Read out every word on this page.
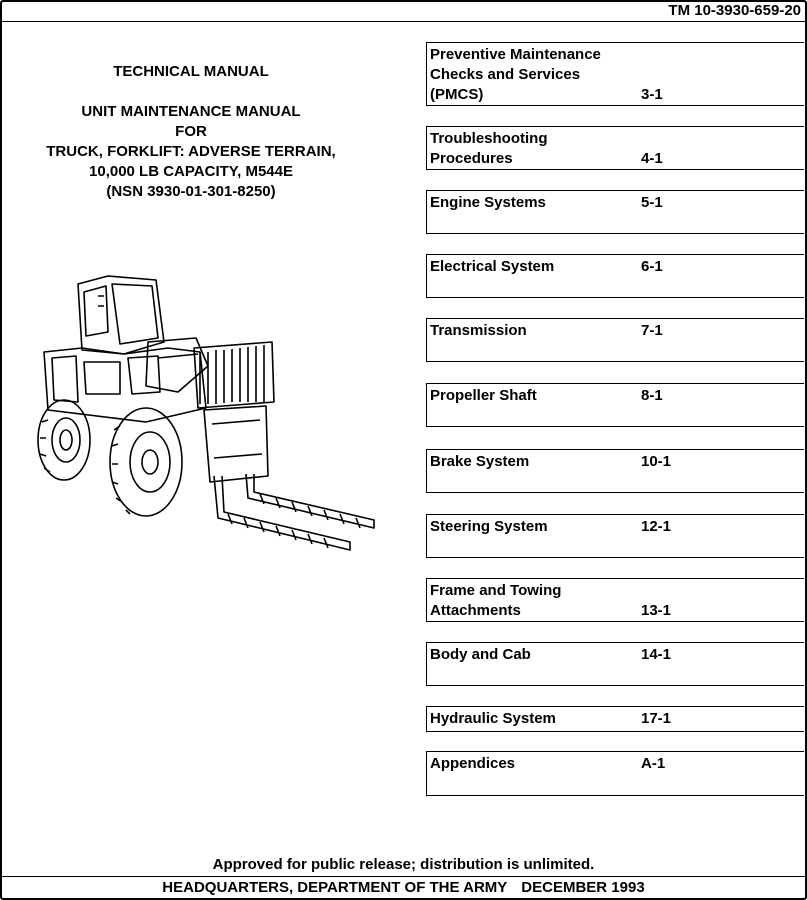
TM 10-3930-659-20
TECHNICAL MANUAL
UNIT MAINTENANCE MANUAL
FOR
TRUCK, FORKLIFT: ADVERSE TERRAIN,
10,000 LB CAPACITY, M544E
(NSN 3930-01-301-8250)
Preventive Maintenance
Checks and Services
(PMCS)	3-1
Troubleshooting
Procedures	4-1
Engine Systems	5-1
Electrical System	6-1
Transmission	7-1
Propeller Shaft	8-1
Brake System	10-1
Steering System	12-1
Frame and Towing
Attachments	13-1
Body and Cab	14-1
Hydraulic System	17-1
Appendices	A-1
Approved for public release; distribution is unlimited.
HEADQUARTERS, DEPARTMENT OF THE ARMY DECEMBER 1993
